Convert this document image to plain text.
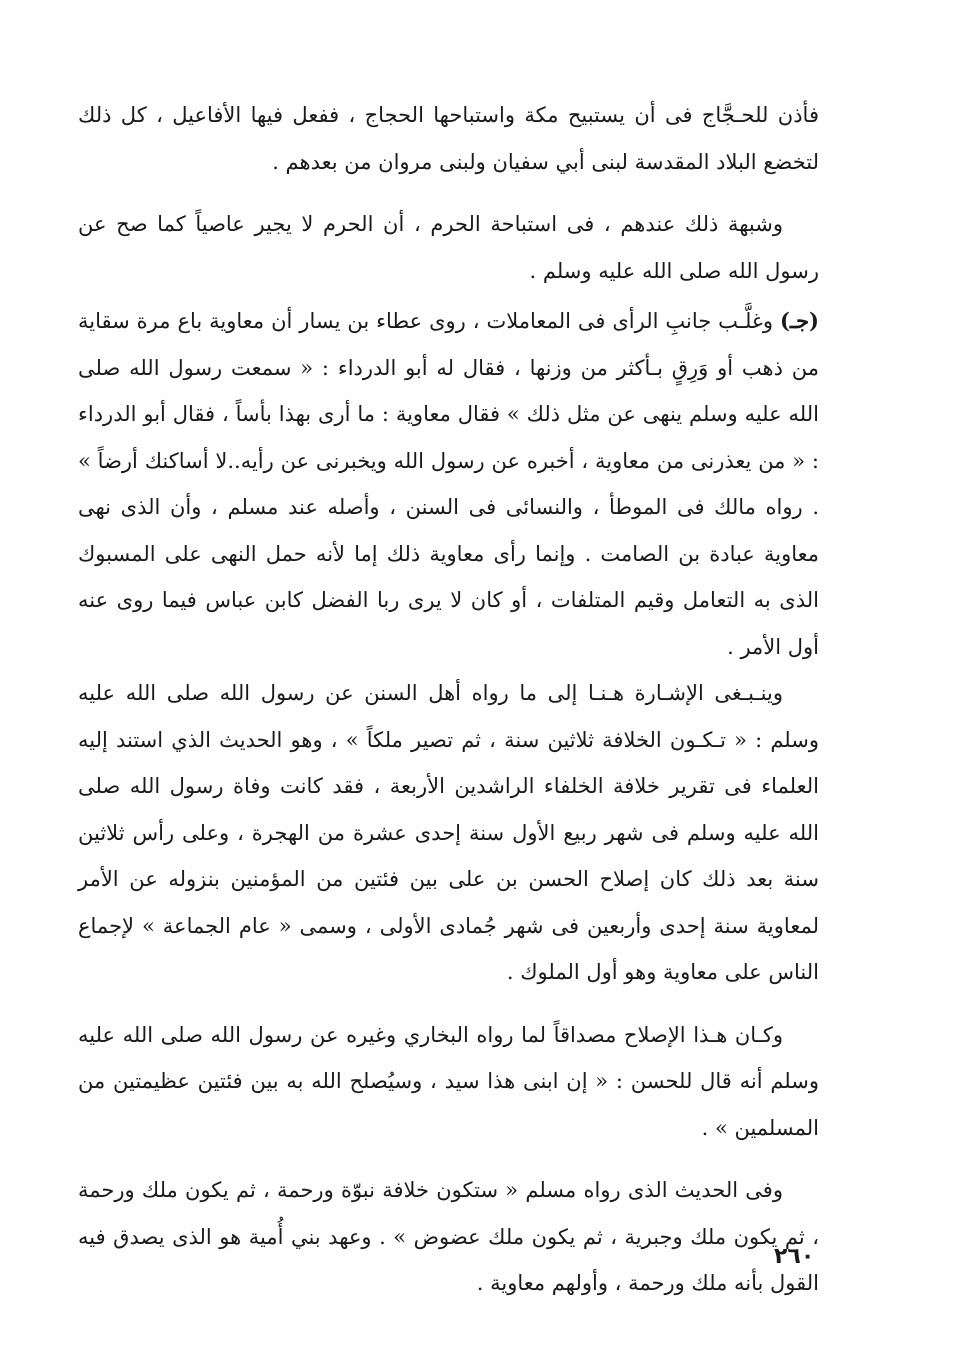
فأذن للحـجَّاج فى أن يستبيح مكة واستباحها الحجاج ، ففعل فيها الأفاعيل ، كل ذلك لتخضع البلاد المقدسة لبنى أبي سفيان ولبنى مروان من بعدهم .

وشبهة ذلك عندهم ، فى استباحة الحرم ، أن الحرم لا يجير عاصياً كما صح عن رسول الله صلى الله عليه وسلم .

(جـ) وغلَّـب جانبِ الرأى فى المعاملات ، روى عطاء بن يسار أن معاوية باع مرة سقاية من ذهب أو وَرِقٍ بـأكثر من وزنها ، فقال له أبو الدرداء : « سمعت رسول الله صلى الله عليه وسلم ينهى عن مثل ذلك » فقال معاوية : ما أرى بهذا بأساً ، فقال أبو الدرداء : « من يعذرنى من معاوية ، أخبره عن رسول الله ويخبرنى عن رأيه..لا أساكنك أرضاً » . رواه مالك فى الموطأ ، والنسائى فى السنن ، وأصله عند مسلم ، وأن الذى نهى معاوية عبادة بن الصامت . وإنما رأى معاوية ذلك إما لأنه حمل النهى على المسبوك الذى به التعامل وقيم المتلفات ، أو كان لا يرى ربا الفضل كابن عباس فيما روى عنه أول الأمر .

وينـبـغى الإشـارة هـنـا إلى ما رواه أهل السنن عن رسول الله صلى الله عليه وسلم : « تـكـون الخلافة ثلاثين سنة ، ثم تصير ملكاً » ، وهو الحديث الذي استند إليه العلماء فى تقرير خلافة الخلفاء الراشدين الأربعة ، فقد كانت وفاة رسول الله صلى الله عليه وسلم فى شهر ربيع الأول سنة إحدى عشرة من الهجرة ، وعلى رأس ثلاثين سنة بعد ذلك كان إصلاح الحسن بن على بين فئتين من المؤمنين بنزوله عن الأمر لمعاوية سنة إحدى وأربعين فى شهر جُمادى الأولى ، وسمى « عام الجماعة » لإجماع الناس على معاوية وهو أول الملوك .

وكـان هـذا الإصلاح مصداقاً لما رواه البخاري وغيره عن رسول الله صلى الله عليه وسلم أنه قال للحسن : « إن ابنى هذا سيد ، وسيُصلح الله به بين فئتين عظيمتين من المسلمين » .

وفى الحديث الذى رواه مسلم « ستكون خلافة نبوّة ورحمة ، ثم يكون ملك ورحمة ، ثم يكون ملك وجبرية ، ثم يكون ملك عضوض » . وعهد بني أُمية هو الذى يصدق فيه القول بأنه ملك ورحمة ، وأولهم معاوية .

٢٦٠
